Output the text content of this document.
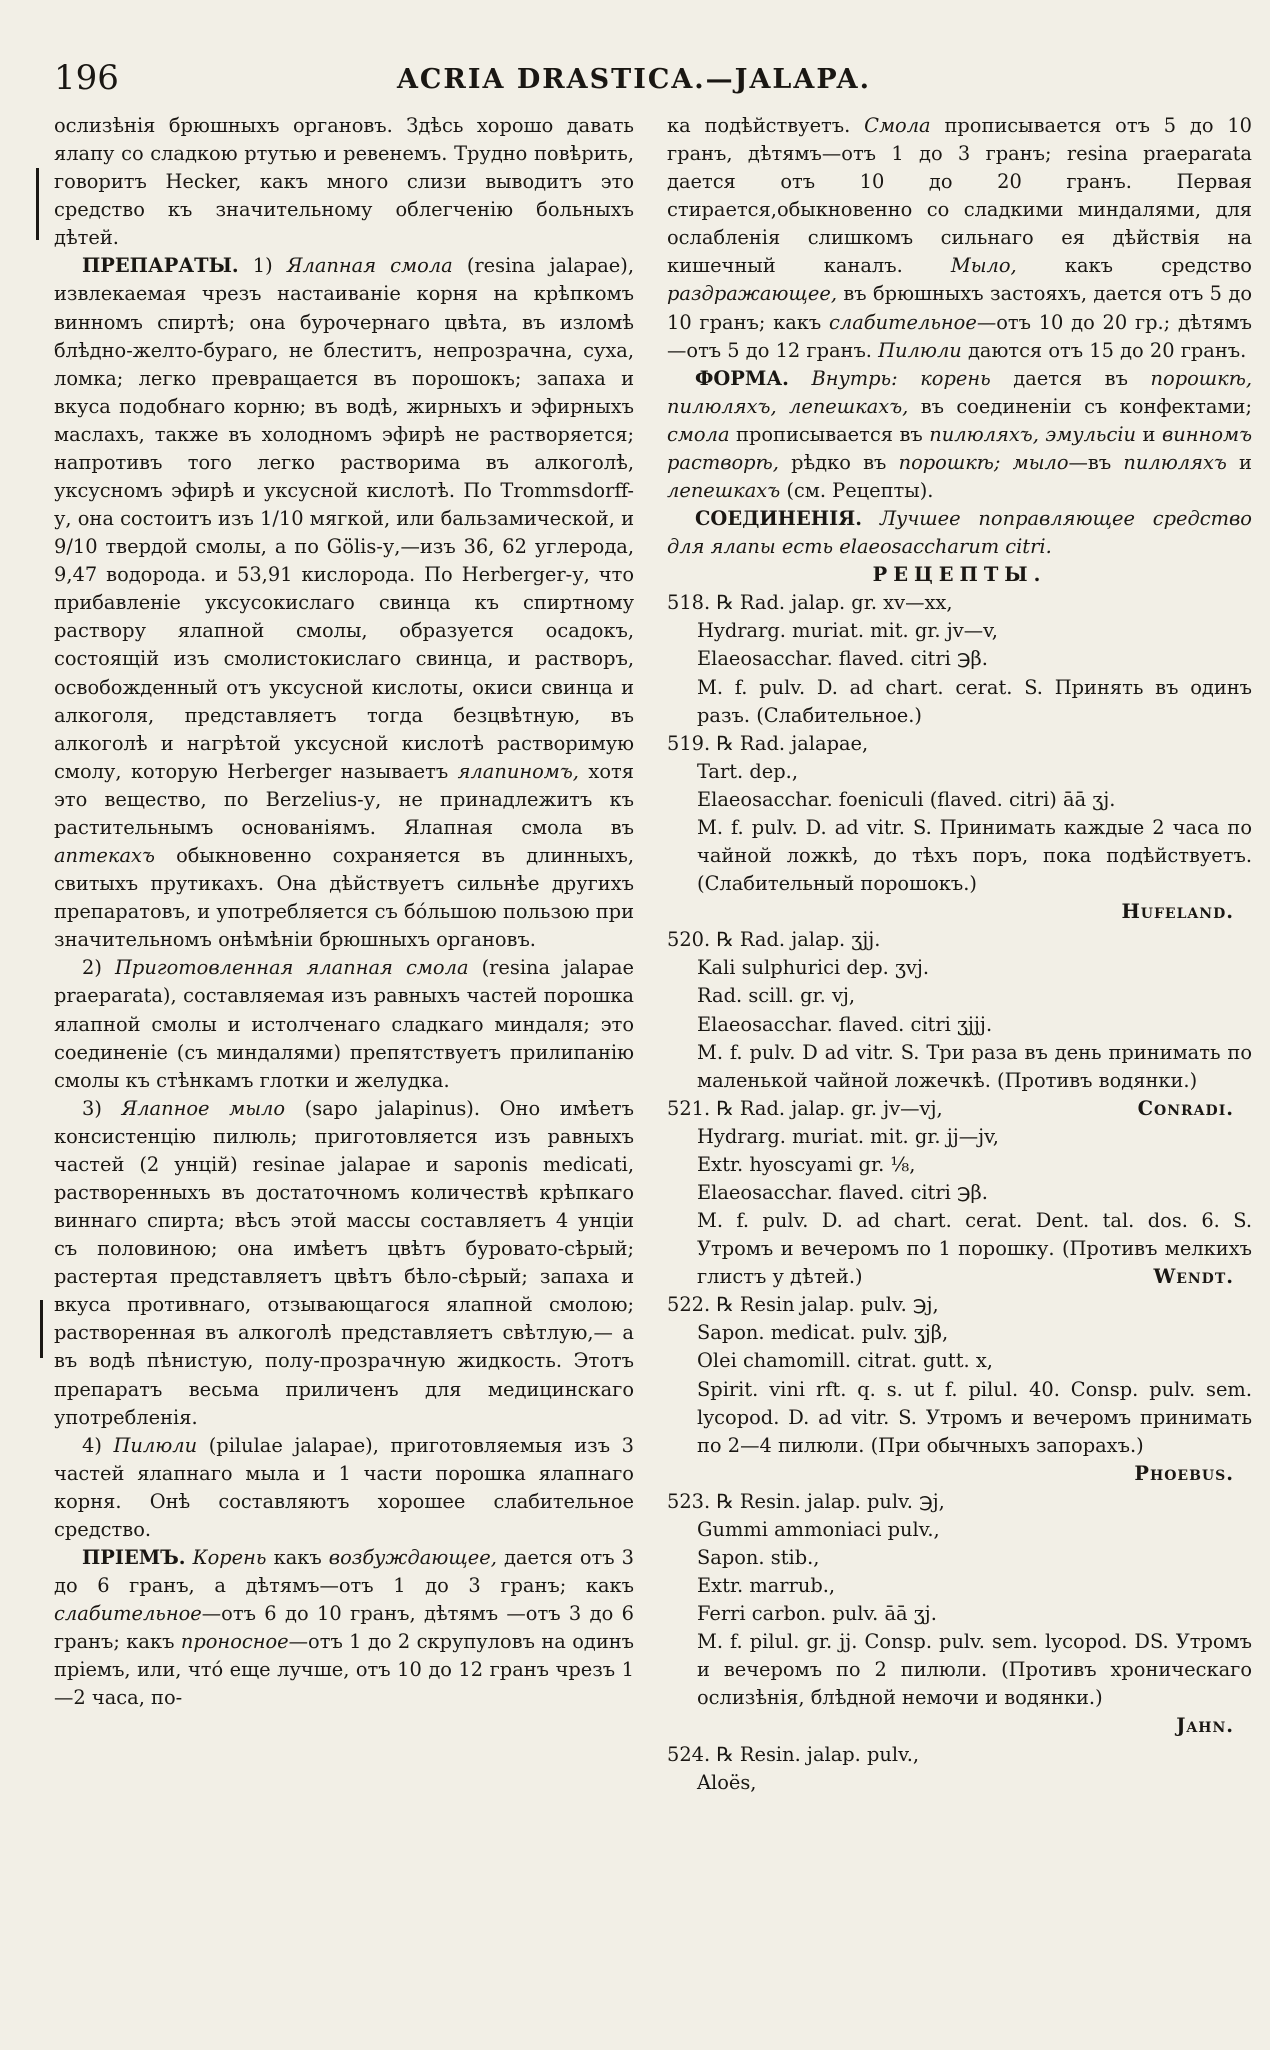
196	ACRIA DRASTICA.—JALAPA.

ослизѣнія брюшныхъ органовъ. Здѣсь хорошо давать ялапу со сладкою ртутью и ревенемъ. Трудно повѣрить, говоритъ Hecker, какъ много слизи выводитъ это средство къ значительному облегченію больныхъ дѣтей.

ПРЕПАРАТЫ. 1) Ялапная смола (resina jalapae), извлекаемая чрезъ настаиваніе корня на крѣпкомъ винномъ спиртѣ; она бурочернаго цвѣта, въ изломѣ блѣдно-желто-бураго, не блеститъ, непрозрачна, суха, ломка; легко превращается въ порошокъ; запаха и вкуса подобнаго корню; въ водѣ, жирныхъ и эфирныхъ маслахъ, также въ холодномъ эфирѣ не растворяется; напротивъ того легко растворима въ алкоголѣ, уксусномъ эфирѣ и уксусной кислотѣ. По Trommsdorff-у, она состоитъ изъ 1/10 мягкой, или бальзамической, и 9/10 твердой смолы, а по Gölis-у,—изъ 36, 62 углерода, 9,47 водорода. и 53,91 кислорода. По Herberger-у, что прибавленіе уксусокислаго свинца къ спиртному раствору ялапной смолы, образуется осадокъ, состоящій изъ смолистокислаго свинца, и растворъ, освобожденный отъ уксусной кислоты, окиси свинца и алкоголя, представляетъ тогда безцвѣтную, въ алкоголѣ и нагрѣтой уксусной кислотѣ растворимую смолу, которую Herberger называетъ ялапиномъ, хотя это вещество, по Berzelius-у, не принадлежитъ къ растительнымъ основаніямъ. Ялапная смола въ аптекахъ обыкновенно сохраняется въ длинныхъ, свитыхъ прутикахъ. Она дѣйствуетъ сильнѣе другихъ препаратовъ, и употребляется съ бо́льшою пользою при значительномъ онѣмѣніи брюшныхъ органовъ.

2) Приготовленная ялапная смола (resina jalapae praeparata), составляемая изъ равныхъ частей порошка ялапной смолы и истолченаго сладкаго миндаля; это соединеніе (съ миндалями) препятствуетъ прилипанію смолы къ стѣнкамъ глотки и желудка.

3) Ялапное мыло (sapo jalapinus). Оно имѣетъ консистенцію пилюль; приготовляется изъ равныхъ частей (2 унцій) resinae jalapae и saponis medicati, растворенныхъ въ достаточномъ количествѣ крѣпкаго виннаго спирта; вѣсъ этой массы составляетъ 4 унціи съ половиною; она имѣетъ цвѣтъ буровато-сѣрый; растертая представляетъ цвѣтъ бѣло-сѣрый; запаха и вкуса противнаго, отзывающагося ялапной смолою; растворенная въ алкоголѣ представляетъ свѣтлую,— а въ водѣ пѣнистую, полу-прозрачную жидкость. Этотъ препаратъ весьма приличенъ для медицинскаго употребленія.

4) Пилюли (pilulae jalapae), приготовляемыя изъ 3 частей ялапнаго мыла и 1 части порошка ялапнаго корня. Онѣ составляютъ хорошее слабительное средство.

ПРІЕМЪ. Корень какъ возбуждающее, дается отъ 3 до 6 гранъ, а дѣтямъ—отъ 1 до 3 гранъ; какъ слабительное—отъ 6 до 10 гранъ, дѣтямъ —отъ 3 до 6 гранъ; какъ проносное—отъ 1 до 2 скрупуловъ на одинъ пріемъ, или, что́ еще лучше, отъ 10 до 12 гранъ чрезъ 1—2 часа, по-

ка подѣйствуетъ. Смола прописывается отъ 5 до 10 гранъ, дѣтямъ—отъ 1 до 3 гранъ; resina praeparata дается отъ 10 до 20 гранъ. Первая стирается,обыкновенно со сладкими миндалями, для ослабленія слишкомъ сильнаго ея дѣйствія на кишечный каналъ. Мыло, какъ средство раздражающее, въ брюшныхъ застояхъ, дается отъ 5 до 10 гранъ; какъ слабительное—отъ 10 до 20 гр.; дѣтямъ—отъ 5 до 12 гранъ. Пилюли даются отъ 15 до 20 гранъ.

ФОРМА. Внутрь: корень дается въ порошкѣ, пилюляхъ, лепешкахъ, въ соединеніи съ конфектами; смола прописывается въ пилюляхъ, эмульсіи и винномъ растворѣ, рѣдко въ порошкѣ; мыло—въ пилюляхъ и лепешкахъ (см. Рецепты).

СОЕДИНЕНІЯ. Лучшее поправляющее средство для ялапы есть elaeosaccharum citri.

РЕЦЕПТЫ.
518. ℞ Rad. jalap. gr. xv—xx,
Hydrarg. muriat. mit. gr. jv—v,
Elaeosacchar. flaved. citri ℈β.
M. f. pulv. D. ad chart. cerat. S. Принять въ одинъ разъ. (Слабительное.)
519. ℞ Rad. jalapae,
Tart. dep.,
Elaeosacchar. foeniculi (flaved. citri) āā ʒj.
M. f. pulv. D. ad vitr. S. Принимать каждые 2 часа по чайной ложкѣ, до тѣхъ поръ, пока подѣйствуетъ. (Слабительный порошокъ.)
Hufeland.
520. ℞ Rad. jalap. ʒjj.
Kali sulphurici dep. ʒvj.
Rad. scill. gr. vj,
Elaeosacchar. flaved. citri ʒjjj.
M. f. pulv. D ad vitr. S. Три раза въ день принимать по маленькой чайной ложечкѣ. (Противъ водянки.)
Conradi.
521. ℞ Rad. jalap. gr. jv—vj,
Hydrarg. muriat. mit. gr. jj—jv,
Extr. hyoscyami gr. ⅛,
Elaeosacchar. flaved. citri ℈β.
M. f. pulv. D. ad chart. cerat. Dent. tal. dos. 6. S. Утромъ и вечеромъ по 1 порошку. (Противъ мелкихъ глистъ у дѣтей.)	Wendt.
522. ℞ Resin jalap. pulv. ℈j,
Sapon. medicat. pulv. ʒjβ,
Olei chamomill. citrat. gutt. x,
Spirit. vini rft. q. s. ut f. pilul. 40. Consp. pulv. sem. lycopod. D. ad vitr. S. Утромъ и вечеромъ принимать по 2—4 пилюли. (При обычныхъ запорахъ.)
Phoebus.
523. ℞ Resin. jalap. pulv. ℈j,
Gummi ammoniaci pulv.,
Sapon. stib.,
Extr. marrub.,
Ferri carbon. pulv. āā ʒj.
M. f. pilul. gr. jj. Consp. pulv. sem. lycopod. DS. Утромъ и вечеромъ по 2 пилюли. (Противъ хроническаго ослизѣнія, блѣдной немочи и водянки.)
Jahn.
524. ℞ Resin. jalap. pulv.,
Aloës,
